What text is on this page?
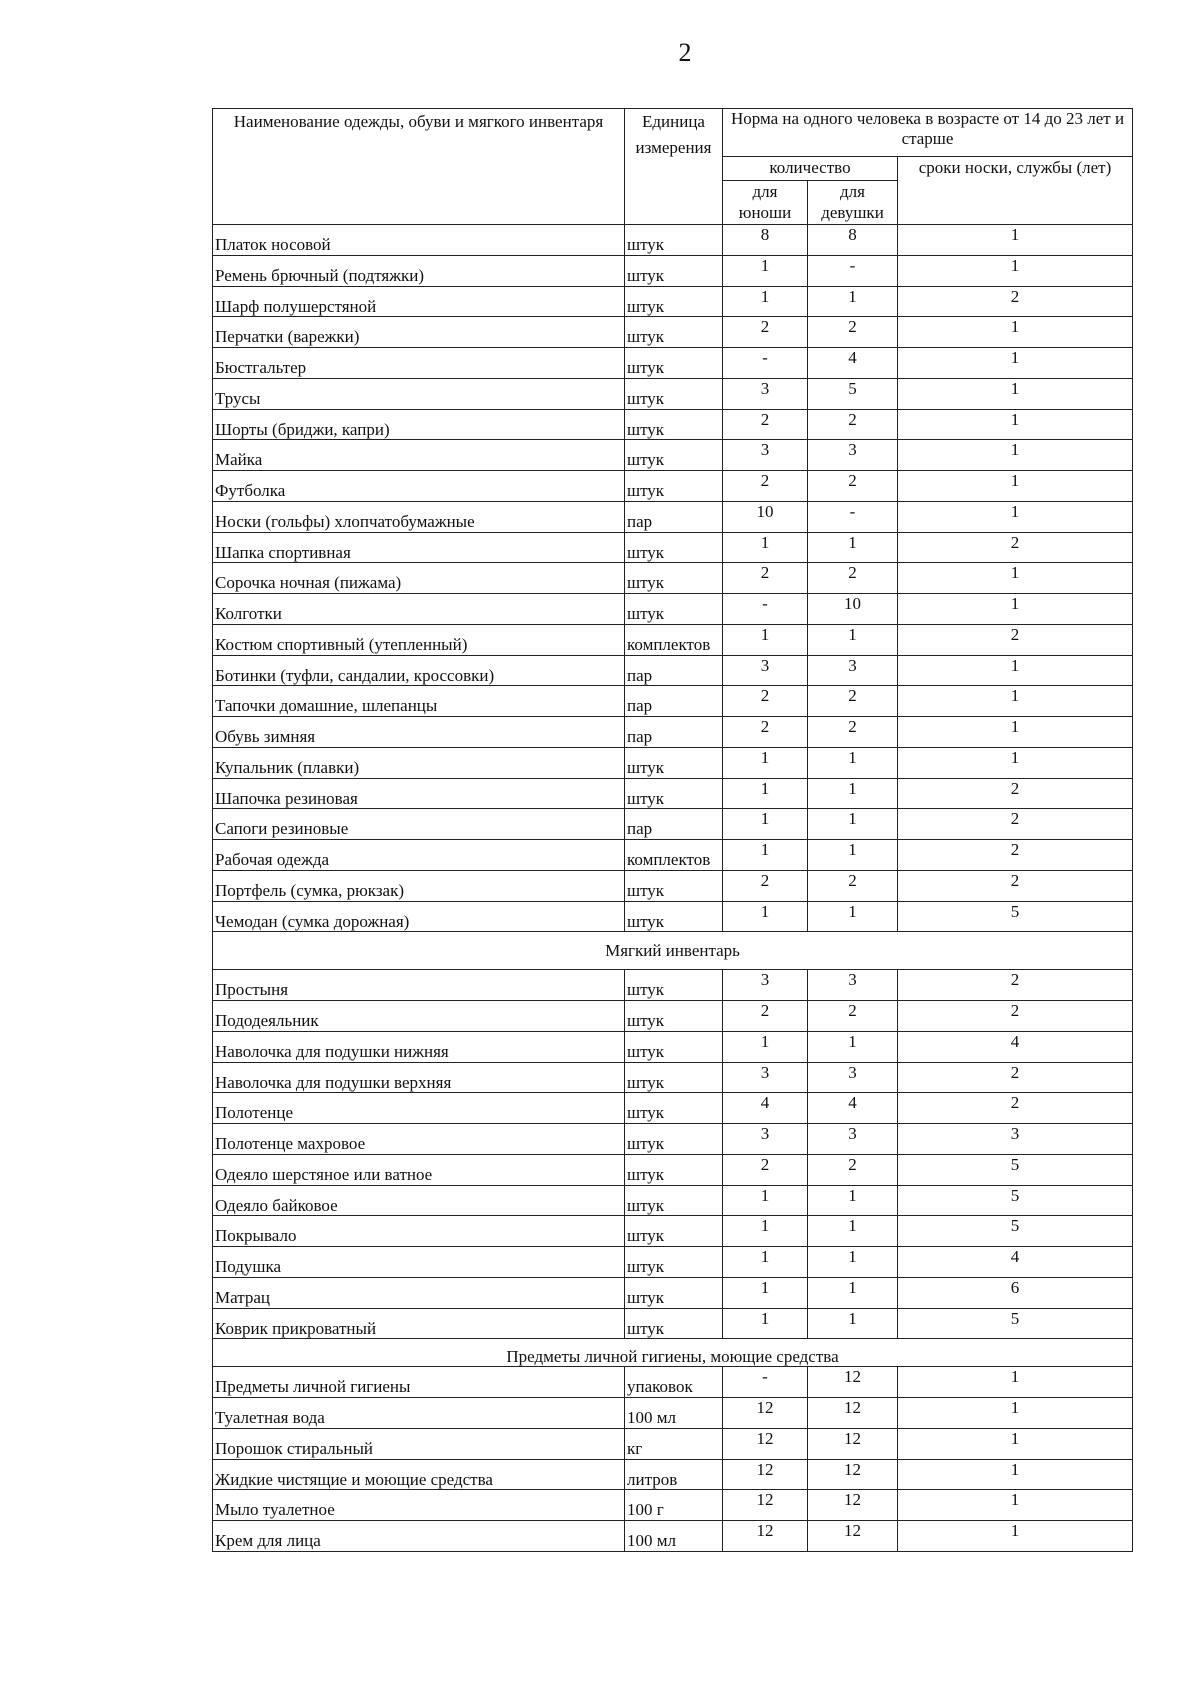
2
Наименование одежды, обуви и мягкого инвентаря	Единица измерения	Норма на одного человека в возрасте от 14 до 23 лет и старше		
		количество		сроки носки, службы (лет)
		для юноши	для девушки	
Платок носовой	штук	8	8	1
Ремень брючный (подтяжки)	штук	1	-	1
Шарф полушерстяной	штук	1	1	2
Перчатки (варежки)	штук	2	2	1
Бюстгальтер	штук	-	4	1
Трусы	штук	3	5	1
Шорты (бриджи, капри)	штук	2	2	1
Майка	штук	3	3	1
Футболка	штук	2	2	1
Носки (гольфы) хлопчатобумажные	пар	10	-	1
Шапка спортивная	штук	1	1	2
Сорочка ночная (пижама)	штук	2	2	1
Колготки	штук	-	10	1
Костюм спортивный (утепленный)	комплектов	1	1	2
Ботинки (туфли, сандалии, кроссовки)	пар	3	3	1
Тапочки домашние, шлепанцы	пар	2	2	1
Обувь зимняя	пар	2	2	1
Купальник (плавки)	штук	1	1	1
Шапочка резиновая	штук	1	1	2
Сапоги резиновые	пар	1	1	2
Рабочая одежда	комплектов	1	1	2
Портфель (сумка, рюкзак)	штук	2	2	2
Чемодан (сумка дорожная)	штук	1	1	5
Мягкий инвентарь				
Простыня	штук	3	3	2
Пододеяльник	штук	2	2	2
Наволочка для подушки нижняя	штук	1	1	4
Наволочка для подушки верхняя	штук	3	3	2
Полотенце	штук	4	4	2
Полотенце махровое	штук	3	3	3
Одеяло шерстяное или ватное	штук	2	2	5
Одеяло байковое	штук	1	1	5
Покрывало	штук	1	1	5
Подушка	штук	1	1	4
Матрац	штук	1	1	6
Коврик прикроватный	штук	1	1	5
Предметы личной гигиены, моющие средства				
Предметы личной гигиены	упаковок	-	12	1
Туалетная вода	100 мл	12	12	1
Порошок стиральный	кг	12	12	1
Жидкие чистящие и моющие средства	литров	12	12	1
Мыло туалетное	100 г	12	12	1
Крем для лица	100 мл	12	12	1
